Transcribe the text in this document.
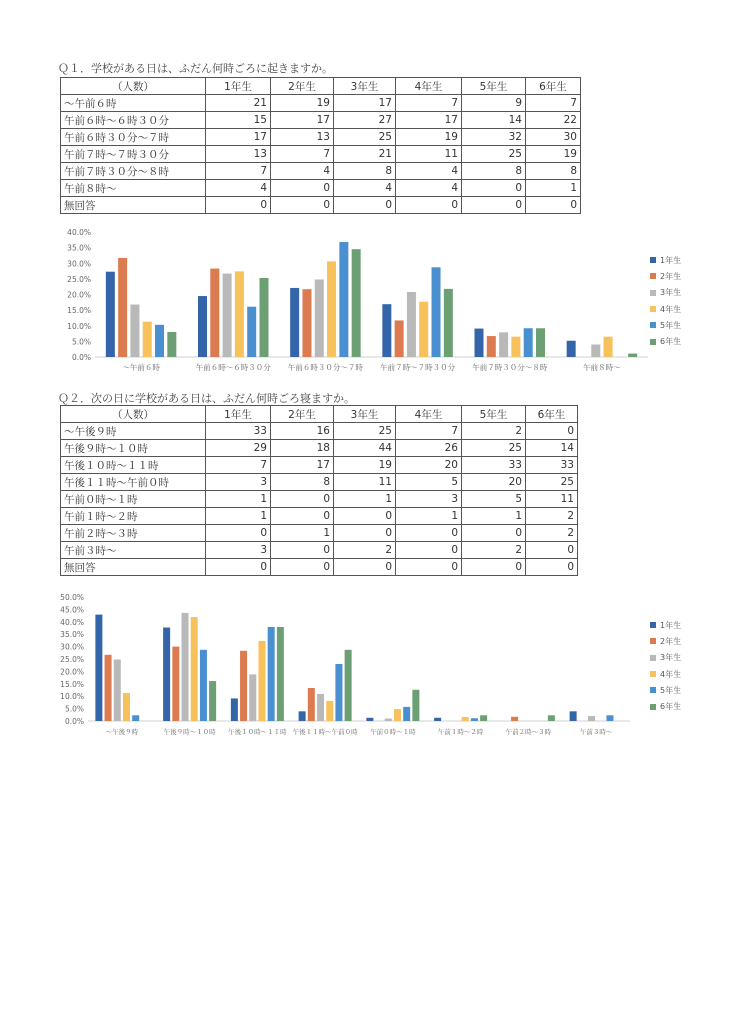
Ｑ１．学校がある日は、ふだん何時ごろに起きますか。
（人数）	1年生	2年生	3年生	4年生	5年生	6年生
〜午前６時	21	19	17	7	9	7
午前６時〜６時３０分	15	17	27	17	14	22
午前６時３０分〜７時	17	13	25	19	32	30
午前７時〜７時３０分	13	7	21	11	25	19
午前７時３０分〜８時	7	4	8	4	8	8
午前８時〜	4	0	4	4	0	1
無回答	0	0	0	0	0	0
0.0%
5.0%
10.0%
15.0%
20.0%
25.0%
30.0%
35.0%
40.0%
〜午前６時	午前６時〜６時３０分 午前６時３０分〜７時 午前７時〜７時３０分 午前７時３０分〜８時	午前８時〜
1年生
2年生
3年生
4年生
5年生
6年生
Ｑ２．次の日に学校がある日は、ふだん何時ごろ寝ますか。
（人数）	1年生	2年生	3年生	4年生	5年生	6年生
〜午後９時	33	16	25	7	2	0
午後９時〜１０時	29	18	44	26	25	14
午後１０時〜１１時	7	17	19	20	33	33
午後１１時〜午前０時	3	8	11	5	20	25
午前０時〜１時	1	0	1	3	5	11
午前１時〜２時	1	0	0	1	1	2
午前２時〜３時	0	1	0	0	0	2
午前３時〜	3	0	2	0	2	0
無回答	0	0	0	0	0	0
0.0%
5.0%
10.0%
15.0%
20.0%
25.0%
30.0%
35.0%
40.0%
45.0%
50.0%
〜午後９時	午後９時〜１０時 午後１０時〜１１時 午後１１時〜午前０時 午前０時〜１時	午前１時〜２時	午前２時〜３時	午前３時〜
1年生
2年生
3年生
4年生
5年生
6年生
